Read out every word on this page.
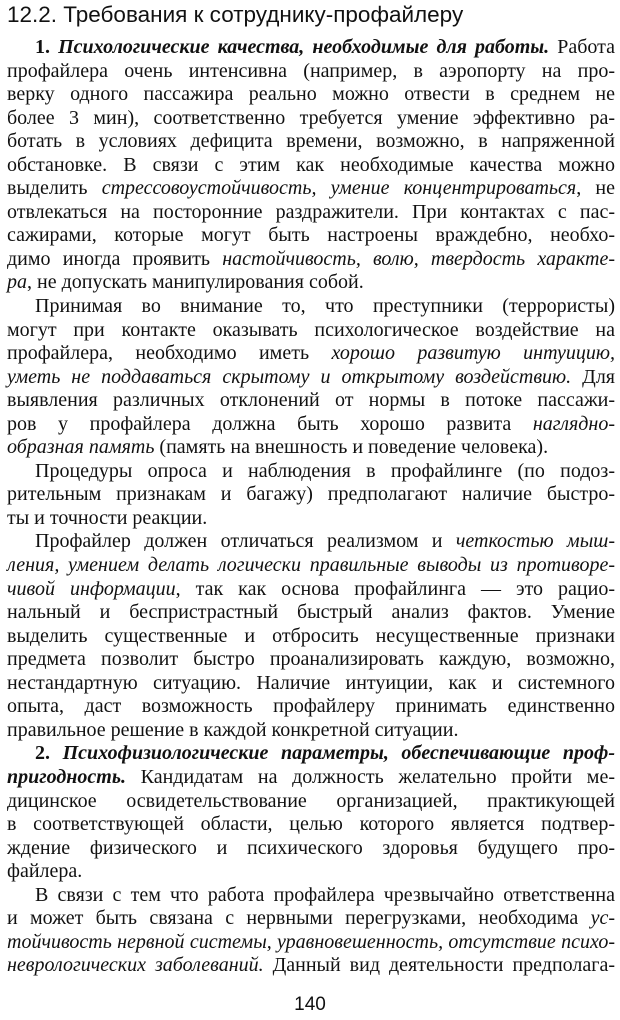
12.2. Требования к сотруднику-профайлеру
1. Психологические качества, необходимые для работы. Работа
профайлера очень интенсивна (например, в аэропорту на про-
верку одного пассажира реально можно отвести в среднем не
более 3 мин), соответственно требуется умение эффективно ра-
ботать в условиях дефицита времени, возможно, в напряженной
обстановке. В связи с этим как необходимые качества можно
выделить стрессовоустойчивость, умение концентрироваться, не
отвлекаться на посторонние раздражители. При контактах с пас-
сажирами, которые могут быть настроены враждебно, необхо-
димо иногда проявить настойчивость, волю, твердость характе-
ра, не допускать манипулирования собой.
Принимая во внимание то, что преступники (террористы)
могут при контакте оказывать психологическое воздействие на
профайлера, необходимо иметь хорошо развитую интуицию,
уметь не поддаваться скрытому и открытому воздействию. Для
выявления различных отклонений от нормы в потоке пассажи-
ров у профайлера должна быть хорошо развита наглядно-
образная память (память на внешность и поведение человека).
Процедуры опроса и наблюдения в профайлинге (по подоз-
рительным признакам и багажу) предполагают наличие быстро-
ты и точности реакции.
Профайлер должен отличаться реализмом и четкостью мыш-
ления, умением делать логически правильные выводы из противоре-
чивой информации, так как основа профайлинга — это рацио-
нальный и беспристрастный быстрый анализ фактов. Умение
выделить существенные и отбросить несущественные признаки
предмета позволит быстро проанализировать каждую, возможно,
нестандартную ситуацию. Наличие интуиции, как и системного
опыта, даст возможность профайлеру принимать единственно
правильное решение в каждой конкретной ситуации.
2. Психофизиологические параметры, обеспечивающие проф-
пригодность. Кандидатам на должность желательно пройти ме-
дицинское освидетельствование организацией, практикующей
в соответствующей области, целью которого является подтвер-
ждение физического и психического здоровья будущего про-
файлера.
В связи с тем что работа профайлера чрезвычайно ответственна
и может быть связана с нервными перегрузками, необходима ус-
тойчивость нервной системы, уравновешенность, отсутствие психо-
неврологических заболеваний. Данный вид деятельности предполага-
140
